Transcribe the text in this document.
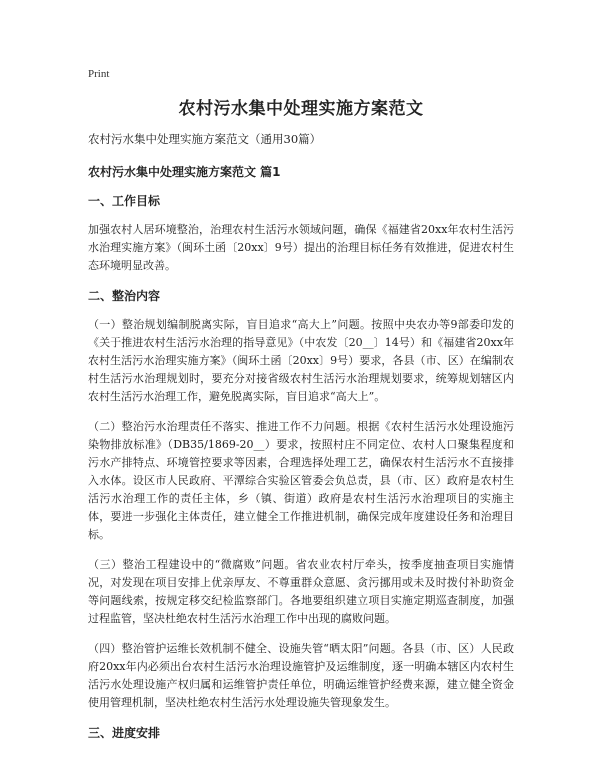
Print
农村污水集中处理实施方案范文
农村污水集中处理实施方案范文（通用30篇）
农村污水集中处理实施方案范文 篇1
一、工作目标

加强农村人居环境整治，治理农村生活污水领域问题，确保《福建省20xx年农村生活污水治理实施方案》（闽环土函〔20xx〕9号）提出的治理目标任务有效推进，促进农村生态环境明显改善。

二、整治内容

（一）整治规划编制脱离实际，盲目追求“高大上”问题。按照中央农办等9部委印发的《关于推进农村生活污水治理的指导意见》（中农发〔20__〕14号）和《福建省20xx年农村生活污水治理实施方案》（闽环土函〔20xx〕9号）要求，各县（市、区）在编制农村生活污水治理规划时，要充分对接省级农村生活污水治理规划要求，统筹规划辖区内农村生活污水治理工作，避免脱离实际，盲目追求“高大上”。

（二）整治污水治理责任不落实、推进工作不力问题。根据《农村生活污水处理设施污染物排放标准》（DB35/1869-20__）要求，按照村庄不同定位、农村人口聚集程度和污水产排特点、环境管控要求等因素，合理选择处理工艺，确保农村生活污水不直接排入水体。设区市人民政府、平潭综合实验区管委会负总责，县（市、区）政府是农村生活污水治理工作的责任主体，乡（镇、街道）政府是农村生活污水治理项目的实施主体，要进一步强化主体责任，建立健全工作推进机制，确保完成年度建设任务和治理目标。

（三）整治工程建设中的“微腐败”问题。省农业农村厅牵头，按季度抽查项目实施情况，对发现在项目安排上优亲厚友、不尊重群众意愿、贪污挪用或未及时拨付补助资金等问题线索，按规定移交纪检监察部门。各地要组织建立项目实施定期巡查制度，加强过程监管，坚决杜绝农村生活污水治理工作中出现的腐败问题。

（四）整治管护运维长效机制不健全、设施失管“晒太阳”问题。各县（市、区）人民政府20xx年内必须出台农村生活污水治理设施管护及运维制度，逐一明确本辖区内农村生活污水处理设施产权归属和运维管护责任单位，明确运维管护经费来源，建立健全资金使用管理机制，坚决杜绝农村生活污水处理设施失管现象发生。

三、进度安排
